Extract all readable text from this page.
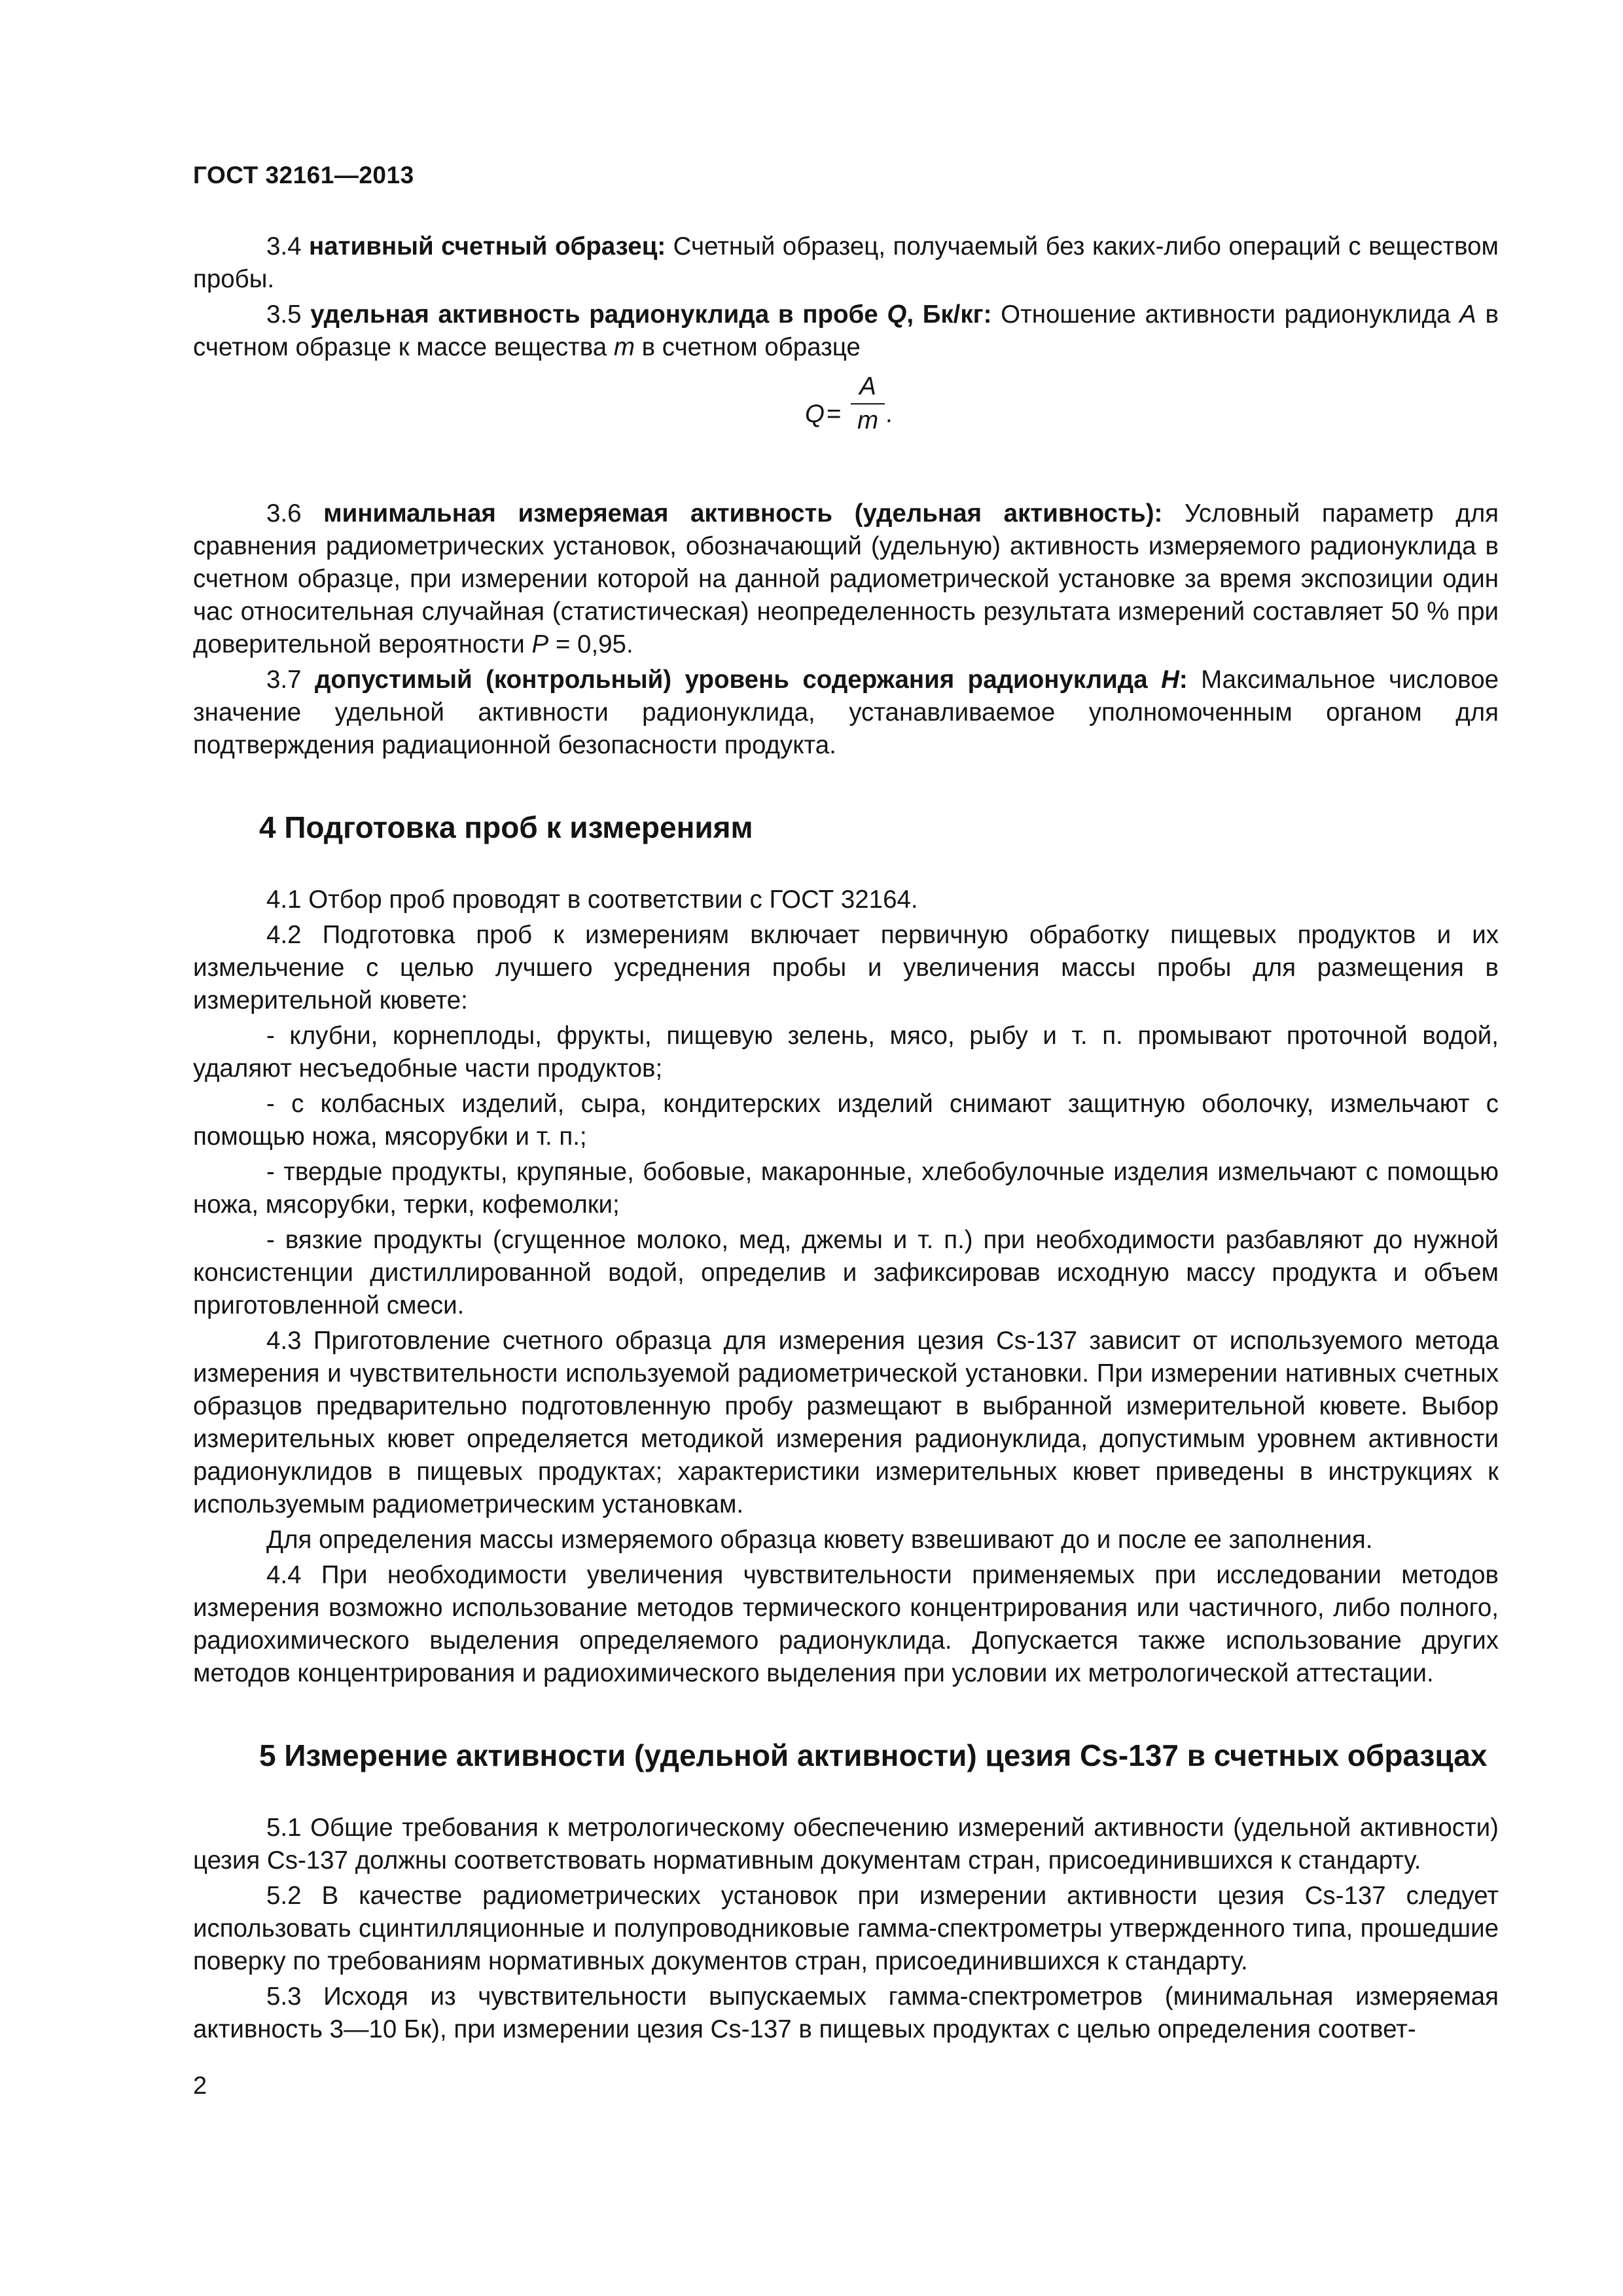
ГОСТ 32161—2013

3.4 нативный счетный образец: Счетный образец, получаемый без каких-либо операций с веществом пробы.

3.5 удельная активность радионуклида в пробе Q, Бк/кг: Отношение активности радионуклида A в счетном образце к массе вещества m в счетном образце

Q =
A
m .

3.6 минимальная измеряемая активность (удельная активность): Условный параметр для сравнения радиометрических установок, обозначающий (удельную) активность измеряемого радионуклида в счетном образце, при измерении которой на данной радиометрической установке за время экспозиции один час относительная случайная (статистическая) неопределенность результата измерений составляет 50 % при доверительной вероятности P = 0,95.

3.7 допустимый (контрольный) уровень содержания радионуклида H: Максимальное числовое значение удельной активности радионуклида, устанавливаемое уполномоченным органом для подтверждения радиационной безопасности продукта.

4 Подготовка проб к измерениям

4.1 Отбор проб проводят в соответствии с ГОСТ 32164.

4.2 Подготовка проб к измерениям включает первичную обработку пищевых продуктов и их измельчение с целью лучшего усреднения пробы и увеличения массы пробы для размещения в измерительной кювете:

- клубни, корнеплоды, фрукты, пищевую зелень, мясо, рыбу и т. п. промывают проточной водой, удаляют несъедобные части продуктов;

- с колбасных изделий, сыра, кондитерских изделий снимают защитную оболочку, измельчают с помощью ножа, мясорубки и т. п.;

- твердые продукты, крупяные, бобовые, макаронные, хлебобулочные изделия измельчают с помощью ножа, мясорубки, терки, кофемолки;

- вязкие продукты (сгущенное молоко, мед, джемы и т. п.) при необходимости разбавляют до нужной консистенции дистиллированной водой, определив и зафиксировав исходную массу продукта и объем приготовленной смеси.

4.3 Приготовление счетного образца для измерения цезия Cs-137 зависит от используемого метода измерения и чувствительности используемой радиометрической установки. При измерении нативных счетных образцов предварительно подготовленную пробу размещают в выбранной измерительной кювете. Выбор измерительных кювет определяется методикой измерения радионуклида, допустимым уровнем активности радионуклидов в пищевых продуктах; характеристики измерительных кювет приведены в инструкциях к используемым радиометрическим установкам.

Для определения массы измеряемого образца кювету взвешивают до и после ее заполнения.

4.4 При необходимости увеличения чувствительности применяемых при исследовании методов измерения возможно использование методов термического концентрирования или частичного, либо полного, радиохимического выделения определяемого радионуклида. Допускается также использование других методов концентрирования и радиохимического выделения при условии их метрологической аттестации.

5 Измерение активности (удельной активности) цезия Cs-137 в счетных образцах

5.1 Общие требования к метрологическому обеспечению измерений активности (удельной активности) цезия Cs-137 должны соответствовать нормативным документам стран, присоединившихся к стандарту.

5.2 В качестве радиометрических установок при измерении активности цезия Cs-137 следует использовать сцинтилляционные и полупроводниковые гамма-спектрометры утвержденного типа, прошедшие поверку по требованиям нормативных документов стран, присоединившихся к стандарту.

5.3 Исходя из чувствительности выпускаемых гамма-спектрометров (минимальная измеряемая активность 3—10 Бк), при измерении цезия Cs-137 в пищевых продуктах с целью определения соответ-

2
